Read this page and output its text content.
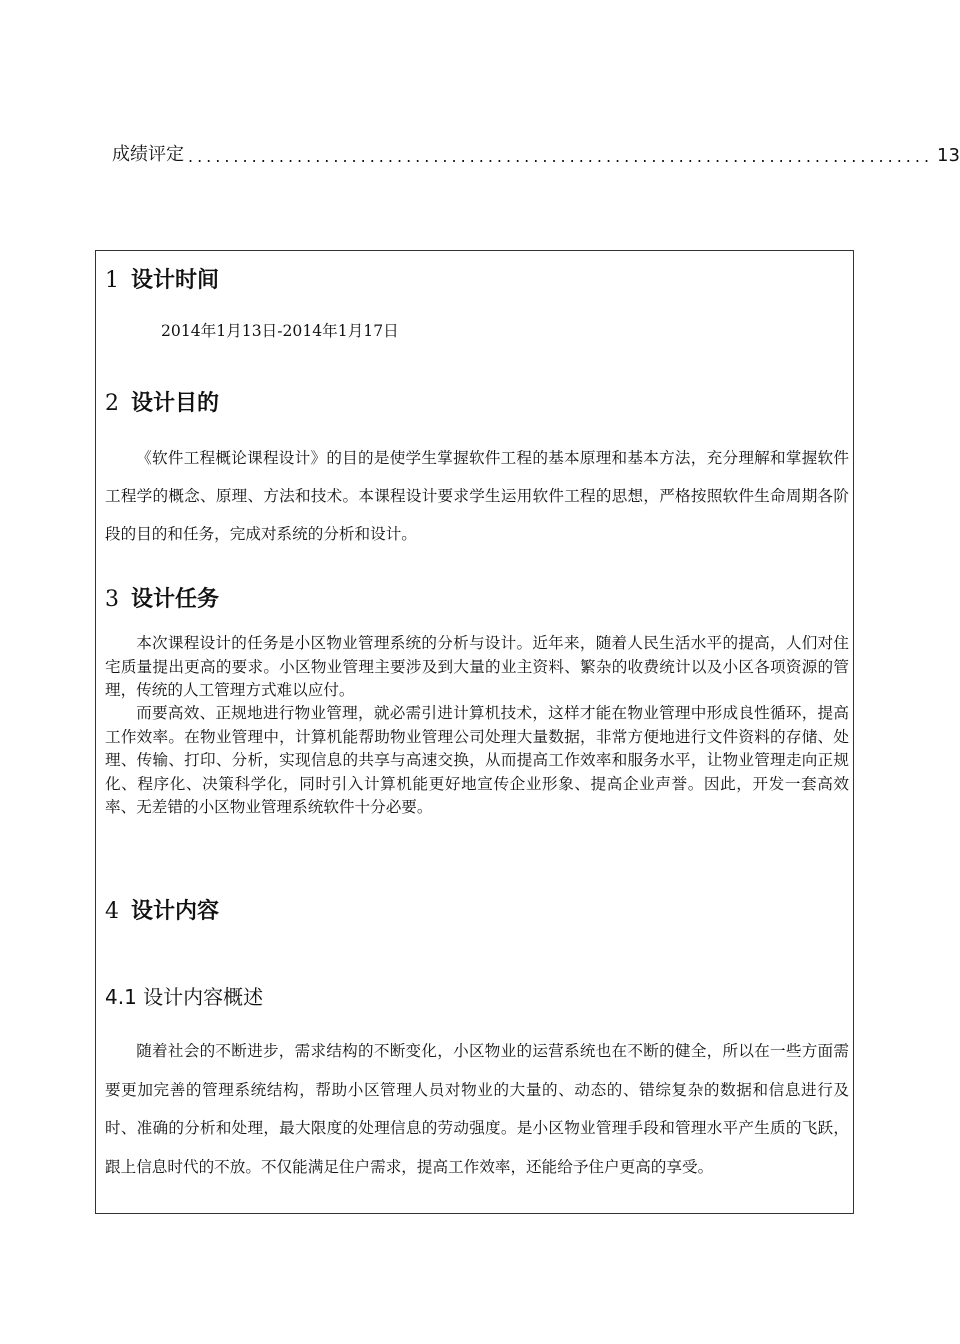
成绩评定 .................................................................................. 13
1 设计时间
2014年1月13日-2014年1月17日
2 设计目的

《软件工程概论课程设计》的目的是使学生掌握软件工程的基本原理和基本方法，充分理解和掌握软件工程学的概念、原理、方法和技术。本课程设计要求学生运用软件工程的思想，严格按照软件生命周期各阶段的目的和任务，完成对系统的分析和设计。

3 设计任务

本次课程设计的任务是小区物业管理系统的分析与设计。近年来，随着人民生活水平的提高，人们对住宅质量提出更高的要求。小区物业管理主要涉及到大量的业主资料、繁杂的收费统计以及小区各项资源的管理，传统的人工管理方式难以应付。

而要高效、正规地进行物业管理，就必需引进计算机技术，这样才能在物业管理中形成良性循环，提高工作效率。在物业管理中，计算机能帮助物业管理公司处理大量数据，非常方便地进行文件资料的存储、处理、传输、打印、分析，实现信息的共享与高速交换，从而提高工作效率和服务水平，让物业管理走向正规化、程序化、决策科学化，同时引入计算机能更好地宣传企业形象、提高企业声誉。因此，开发一套高效率、无差错的小区物业管理系统软件十分必要。

4 设计内容
4.1 设计内容概述

随着社会的不断进步，需求结构的不断变化，小区物业的运营系统也在不断的健全，所以在一些方面需要更加完善的管理系统结构，帮助小区管理人员对物业的大量的、动态的、错综复杂的数据和信息进行及时、准确的分析和处理，最大限度的处理信息的劳动强度。是小区物业管理手段和管理水平产生质的飞跃，跟上信息时代的不放。不仅能满足住户需求，提高工作效率，还能给予住户更高的享受。
